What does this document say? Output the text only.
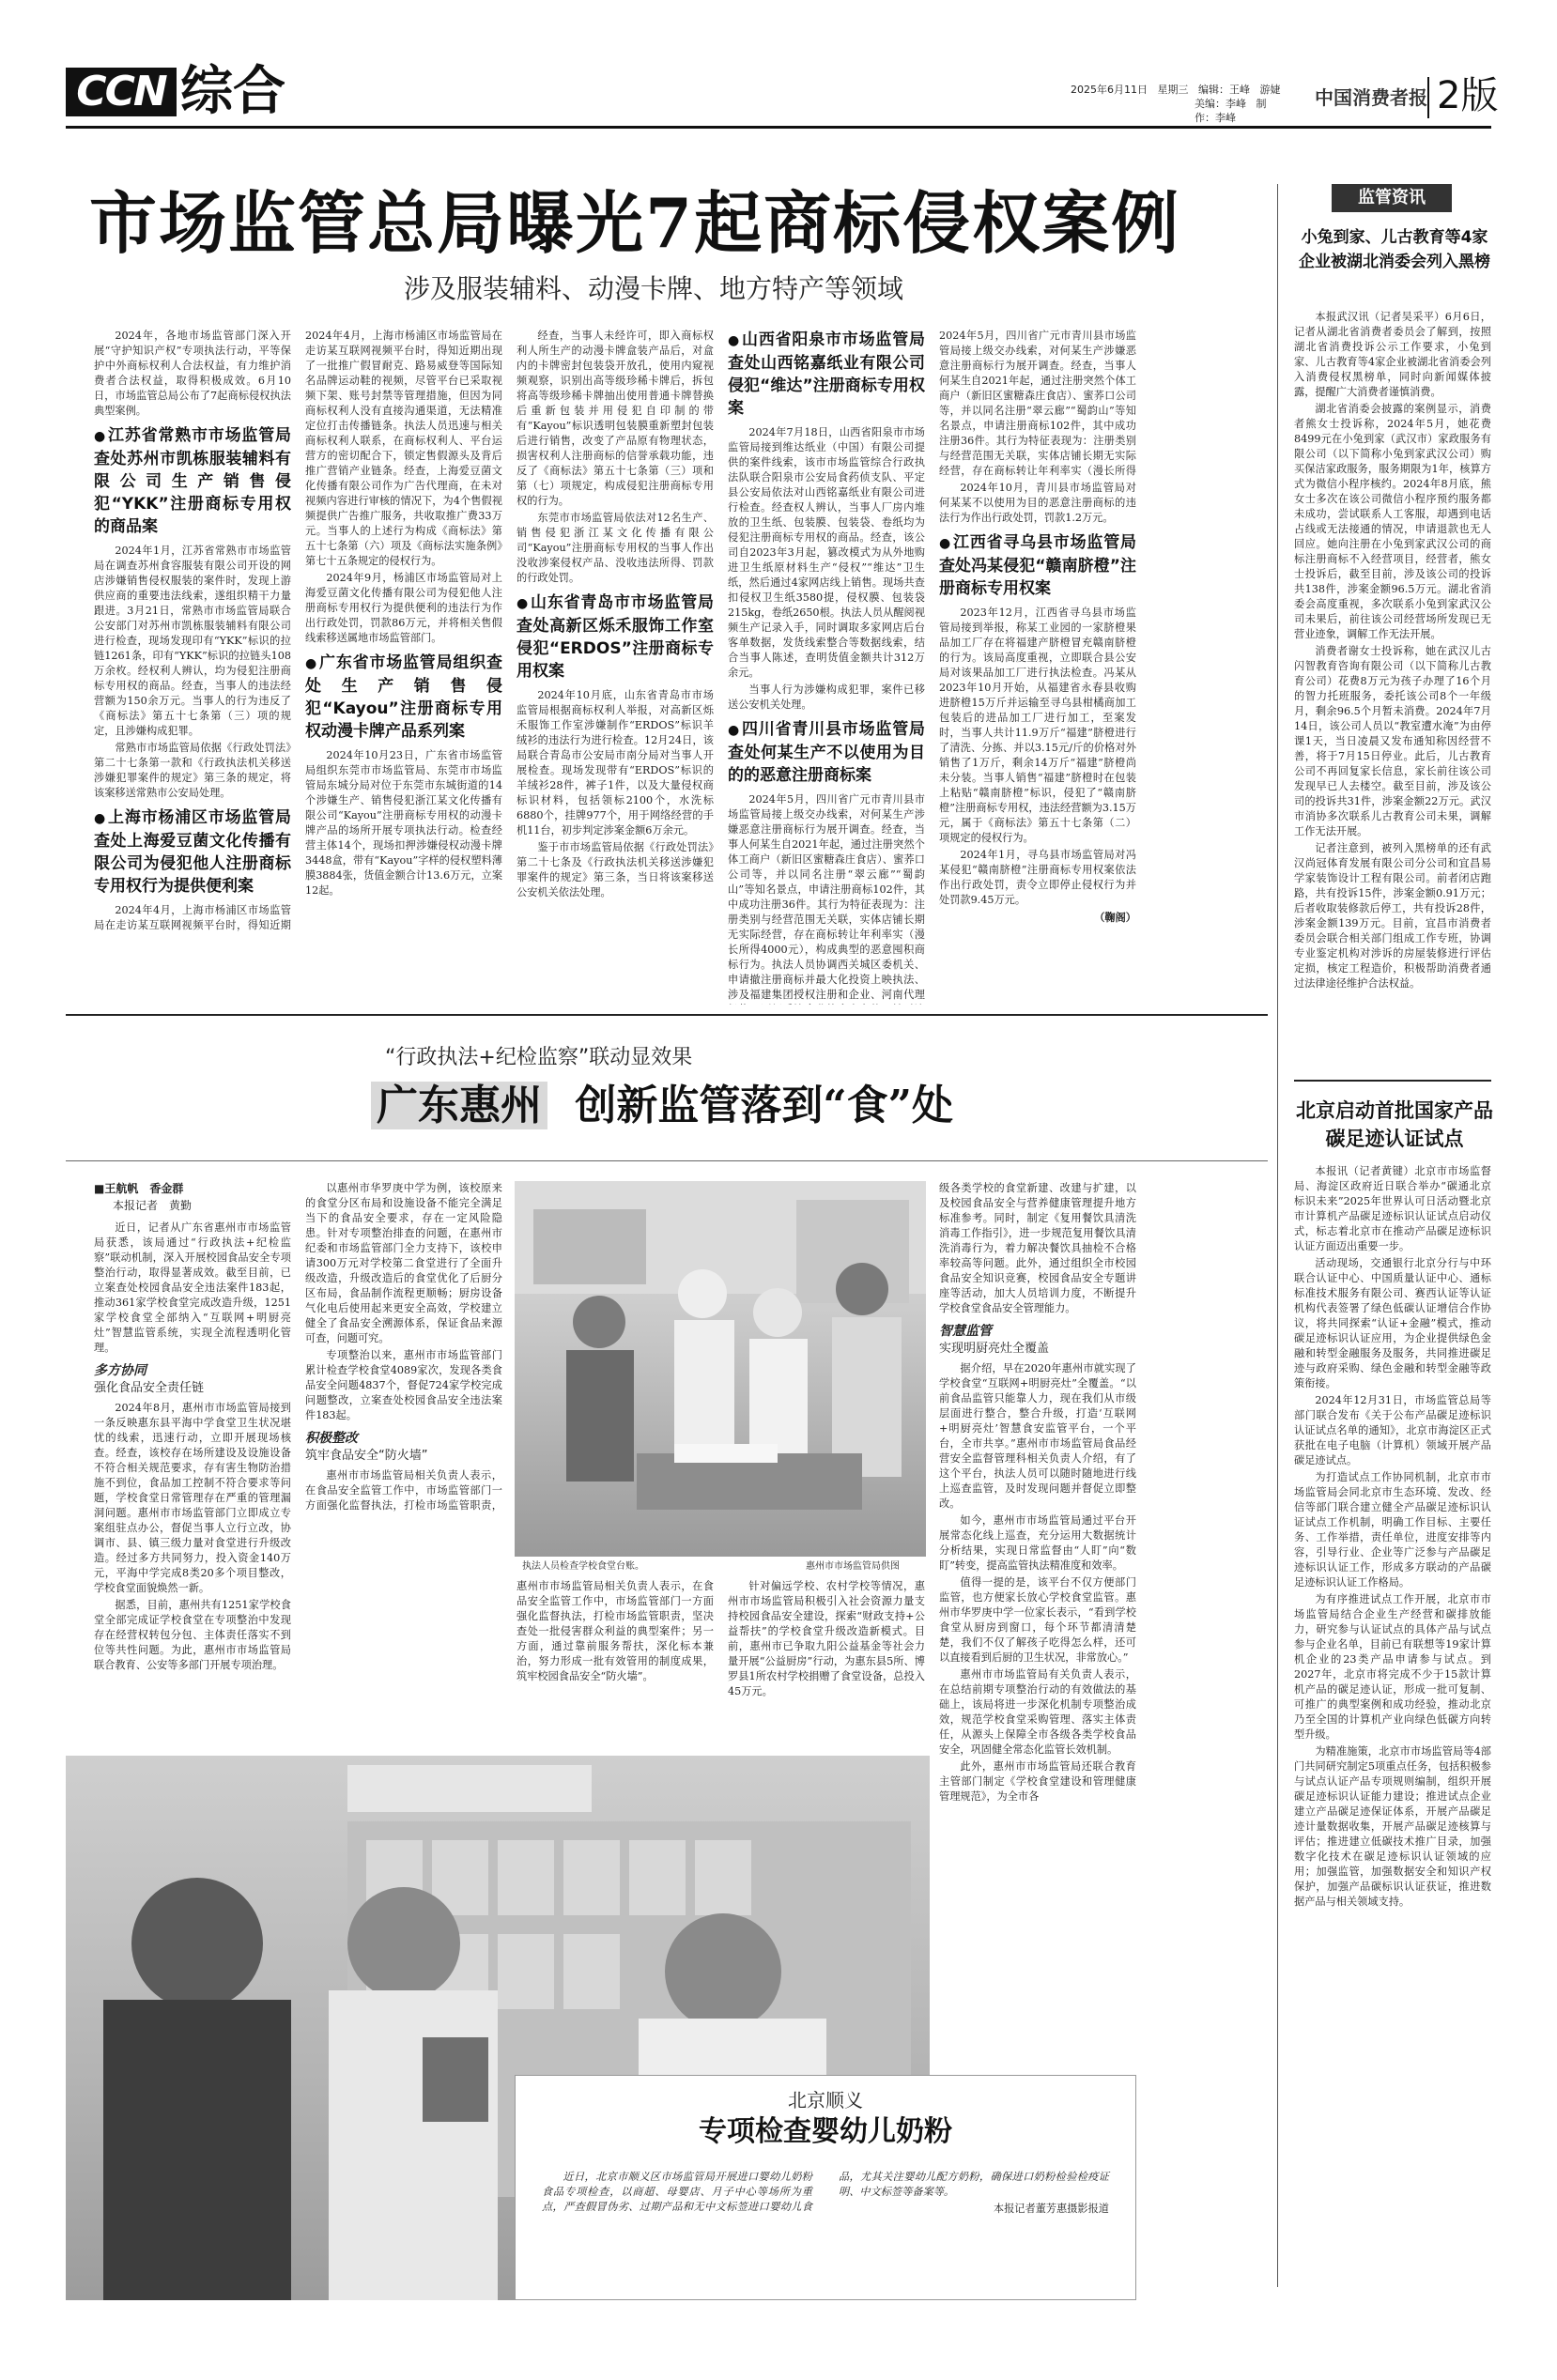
CCN 综合	2025年6月11日 星期三 编辑：王峰 游婕
美编：李峰 制作：李峰
中国消费者报 2版
市场监管总局曝光7起商标侵权案例
涉及服装辅料、动漫卡牌、地方特产等领域

2024年，各地市场监管部门深入开展“守护知识产权”专项执法行动，平等保护中外商标权利人合法权益，有力维护消费者合法权益，取得积极成效。6月10日，市场监管总局公布了7起商标侵权执法典型案例。

● 江苏省常熟市市场监管局查处苏州市凯栋服装辅料有限公司生产销售侵犯“YKK”注册商标专用权的商品案

2024年1月，江苏省常熟市市场监管局在调查苏州食容服装有限公司开设的网店涉嫌销售侵权服装的案件时，发现上游供应商的重要违法线索，遂组织精干力量跟进。3月21日，常熟市市场监管局联合公安部门对苏州市凯栋服装辅料有限公司进行检查，现场发现印有“YKK”标识的拉链1261条，印有“YKK”标识的拉链头108万余枚。经权利人辨认，均为侵犯注册商标专用权的商品。经查，当事人的违法经营额为150余万元。当事人的行为违反了《商标法》第五十七条第（三）项的规定，且涉嫌构成犯罪。

常熟市市场监管局依据《行政处罚法》第二十七条第一款和《行政执法机关移送涉嫌犯罪案件的规定》第三条的规定，将该案移送常熟市公安局处理。

● 上海市杨浦区市场监管局查处上海爱豆菌文化传播有限公司为侵犯他人注册商标专用权行为提供便利案

2024年4月，上海市杨浦区市场监管局在走访某互联网视频平台时，得知近期

2024年4月，上海市杨浦区市场监管局在走访某互联网视频平台时，得知近期出现了一批推广假冒耐克、路易威登等国际知名品牌运动鞋的视频，尽管平台已采取视频下架、账号封禁等管理措施，但因为同商标权利人没有直接沟通渠道，无法精准定位打击传播链条。执法人员迅速与相关商标权利人联系，在商标权利人、平台运营方的密切配合下，锁定售假源头及背后推广营销产业链条。经查，上海爱豆菌文化传播有限公司作为广告代理商，在未对视频内容进行审核的情况下，为4个售假视频提供广告推广服务，共收取推广费33万元。当事人的上述行为构成《商标法》第五十七条第（六）项及《商标法实施条例》第七十五条规定的侵权行为。

2024年9月，杨浦区市场监管局对上海爱豆菌文化传播有限公司为侵犯他人注册商标专用权行为提供便利的违法行为作出行政处罚，罚款86万元，并将相关售假线索移送属地市场监管部门。

● 广东省市场监管局组织查处生产销售侵犯“Kayou”注册商标专用权动漫卡牌产品系列案

2024年10月23日，广东省市场监管局组织东莞市市场监管局、东莞市市场监管局东城分局对位于东莞市东城街道的14个涉嫌生产、销售侵犯浙江某文化传播有限公司“Kayou”注册商标专用权的动漫卡牌产品的场所开展专项执法行动。检查经营主体14个，现场扣押涉嫌侵权动漫卡牌3448盒，带有“Kayou”字样的侵权塑料薄膜3884张，货值金额合计13.6万元，立案12起。

经查，当事人未经许可，即入商标权利人所生产的动漫卡牌盒装产品后，对盒内的卡牌密封包装袋开放孔，使用内窥视频观察，识别出高等级珍稀卡牌后，拆包将高等级珍稀卡牌抽出使用普通卡牌替换后重新包装并用侵犯自印制的带有“Kayou”标识透明包装膜重新塑封包装后进行销售，改变了产品原有物理状态，损害权利人注册商标的信誉承载功能，违反了《商标法》第五十七条第（三）项和第（七）项规定，构成侵犯注册商标专用权的行为。

东莞市市场监管局依法对12名生产、销售侵犯浙江某文化传播有限公司“Kayou”注册商标专用权的当事人作出没收涉案侵权产品、没收违法所得、罚款的行政处罚。

● 山东省青岛市市场监管局查处高新区烁禾服饰工作室侵犯“ERDOS”注册商标专用权案

2024年10月底，山东省青岛市市场监管局根据商标权利人举报，对高新区烁禾服饰工作室涉嫌制作“ERDOS”标识羊绒衫的违法行为进行检查。12月24日，该局联合青岛市公安局市南分局对当事人开展检查。现场发现带有“ERDOS”标识的羊绒衫28件，裤子1件，以及大量侵权商标识材料，包括领标2100个，水洗标6880个，挂牌977个，用于网络经营的手机11台，初步判定涉案金额6万余元。

鉴于市市场监管局依据《行政处罚法》第二十七条及《行政执法机关移送涉嫌犯罪案件的规定》第三条，当日将该案移送公安机关依法处理。

● 山西省阳泉市市场监管局查处山西铭嘉纸业有限公司侵犯“维达”注册商标专用权案

2024年7月18日，山西省阳泉市市场监管局接到维达纸业（中国）有限公司提供的案件线索，该市市场监管综合行政执法队联合阳泉市公安局食药侦支队、平定县公安局依法对山西铭嘉纸业有限公司进行检查。经查权人辨认，当事人厂房内堆放的卫生纸、包装膜、包装袋、卷纸均为侵犯注册商标专用权的商品。经查，该公司自2023年3月起，篡改模式为从外地购进卫生纸原材料生产“侵权”“维达”卫生纸，然后通过4家网店线上销售。现场共查扣侵权卫生纸3580提，侵权膜、包装袋215kg，卷纸2650根。执法人员从醒阅视频生产记录入手，同时调取多家网店后台客单数据，发货线索整合等数据线索，结合当事人陈述，查明货值金额共计312万余元。

当事人行为涉嫌构成犯罪，案件已移送公安机关处理。

● 四川省青川县市场监管局查处何某生产不以使用为目的的恶意注册商标案

2024年5月，四川省广元市青川县市场监管局接上级交办线索，对何某生产涉嫌恶意注册商标行为展开调查。经查，当事人何某生自2021年起，通过注册突然个体工商户（新旧区蜜糖森庄食店）、蜜荞口公司等，并以同名注册“翠云廊”“蜀韵山”等知名景点，申请注册商标102件，其中成功注册36件。其行为特征表现为：注册类别与经营范围无关联，实体店铺长期无实际经营，存在商标转让年利率实（漫长所得4000元），构成典型的恶意囤积商标行为。执法人员协调西关城区委机关、申请撤注册商标并最大化投资上映执法、涉及福建集团授权注册和企业、河南代理

2024年5月，四川省广元市青川县市场监管局接上级交办线索，对何某生产涉嫌恶意注册商标行为展开调查。经查，当事人何某生自2021年起，通过注册突然个体工商户（新旧区蜜糖森庄食店）、蜜荞口公司等，并以同名注册“翠云廊”“蜀韵山”等知名景点，申请注册商标102件，其中成功注册36件。其行为特征表现为：注册类别与经营范围无关联，实体店铺长期无实际经营，存在商标转让年利率实（漫长所得

2024年10月，青川县市场监管局对何某某不以使用为目的恶意注册商标的违法行为作出行政处罚，罚款1.2万元。

● 江西省寻乌县市场监管局查处冯某侵犯“赣南脐橙”注册商标专用权案

2023年12月，江西省寻乌县市场监管局接到举报，称某工业园的一家脐橙果品加工厂存在将福建产脐橙冒充赣南脐橙的行为。该局高度重视，立即联合县公安局对该果品加工厂进行执法检查。冯某从2023年10月开始，从福建省永春县收购进脐橙15万斤并运输至寻乌县柑橘商加工包装后的进品加工厂进行加工，至案发时，当事人共计11.9万斤“福建”脐橙进行了清洗、分拣、并以3.15元/斤的价格对外销售了1万斤，剩余14万斤“福建”脐橙尚未分装。当事人销售“福建”脐橙时在包装上粘贴“赣南脐橙”标识，侵犯了“赣南脐橙”注册商标专用权，违法经营额为3.15万元，属于《商标法》第五十七条第（二）项规定的侵权行为。

2024年1月，寻乌县市场监管局对冯某侵犯“赣南脐橙”注册商标专用权案依法作出行政处罚，责令立即停止侵权行为并处罚款9.45万元。

（鞠阁）

监管资讯
小兔到家、儿古教育等4家企业被湖北消委会列入黑榜

本报武汉讯（记者吴采平）6月6日，记者从湖北省消费者委员会了解到，按照湖北省消费投诉公示工作要求，小兔到家、儿古教育等4家企业被湖北省消委会列入消费侵权黑榜单，同时向新闻媒体披露，提醒广大消费者谨慎消费。

湖北省消委会披露的案例显示，消费者熊女士投诉称，2024年5月，她花费8499元在小兔到家（武汉市）家政服务有限公司（以下简称小兔到家武汉公司）购买保洁家政服务，服务期限为1年，核算方式为微信小程序核约。2024年8月底，熊女士多次在该公司微信小程序预约服务都未成功，尝试联系人工客服，却遇到电话占线或无法接通的情况，申请退款也无人回应。她向注册在小兔到家武汉公司的商标注册商标不入经营项目，经营者，熊女士投诉后，截至目前，涉及该公司的投诉共138件，涉案金额96.5万元。湖北省消委会高度重视，多次联系小兔到家武汉公司未果后，前往该公司经营场所发现已无营业迹象，调解工作无法开展。

消费者谢女士投诉称，她在武汉儿古闪智教育咨询有限公司（以下简称儿古教育公司）花费8万元为孩子办理了16个月的智力托班服务，委托该公司8个一年级月，剩余96.5个月暂未消费。2024年7月14日，该公司人员以“教室遭水淹”为由停课1天，当日凌晨又发布通知称因经营不善，将于7月15日停业。此后，儿古教育公司不再回复家长信息，家长前往该公司发现早已人去楼空。截至目前，涉及该公司的投诉共31件，涉案金额22万元。武汉市消协多次联系儿古教育公司未果，调解工作无法开展。

记者注意到，被列入黑榜单的还有武汉尚冠体育发展有限公司分公司和宜昌易学家装饰设计工程有限公司。前者闭店跑路，共有投诉15件，涉案金额0.91万元；后者收取装修款后停工，共有投诉28件，涉案金额139万元。目前，宜昌市消费者委员会联合相关部门组成工作专班，协调专业鉴定机构对涉诉的房屋装修进行评估定损，核定工程造价，积极帮助消费者通过法律途径维护合法权益。

北京启动首批国家产品碳足迹认证试点

本报讯（记者黄键）北京市市场监督局、海淀区政府近日联合举办“碳通北京 标识未来”2025年世界认可日活动暨北京市计算机产品碳足迹标识认证试点启动仪式，标志着北京市在推动产品碳足迹标识认证方面迈出重要一步。

活动现场，交通银行北京分行与中环联合认证中心、中国质量认证中心、通标标准技术服务有限公司、赛西认证等认证机构代表签署了绿色低碳认证增信合作协议，将共同探索“认证+金融”模式，推动碳足迹标识认证应用，为企业提供绿色金融和转型金融服务及服务，共同推进碳足迹与政府采购、绿色金融和转型金融等政策衔接。

2024年12月31日，市场监管总局等部门联合发布《关于公布产品碳足迹标识认证试点名单的通知》，北京市海淀区正式获批在电子电脑（计算机）领域开展产品碳足迹试点。

为打造试点工作协同机制，北京市市场监管局会同北京市生态环境、发改、经信等部门联合建立健全产品碳足迹标识认证试点工作机制，明确工作目标、主要任务、工作举措，责任单位，进度安排等内容，引导行业、企业等广泛参与产品碳足迹标识认证工作，形成多方联动的产品碳足迹标识认证工作格局。

为有序推进试点工作开展，北京市市场监管局结合企业生产经营和碳排放能力，研究参与认证试点的具体产品与试点参与企业名单，目前已有联想等19家计算机企业的23类产品申请参与试点。到2027年，北京市将完成不少于15款计算机产品的碳足迹认证，形成一批可复制、可推广的典型案例和成功经验，推动北京乃至全国的计算机产业向绿色低碳方向转型升级。

为精准施策，北京市市场监管局等4部门共同研究制定5项重点任务，包括积极参与试点认证产品专项规则编制，组织开展碳足迹标识认证能力建设；推进试点企业建立产品碳足迹保证体系，开展产品碳足迹计量数据收集，开展产品碳足迹核算与评估；推进建立低碳技术推广目录，加强数字化技术在碳足迹标识认证领域的应用；加强监管，加强数据安全和知识产权保护，加强产品碳标识认证获证，推进数据产品与相关领域支持。

“行政执法+纪检监察”联动显效果
广东惠州 创新监管落到“食”处

■王航帆　香金群

本报记者　黄勤

近日，记者从广东省惠州市市场监管局获悉，该局通过“行政执法+纪检监察”联动机制，深入开展校园食品安全专项整治行动，取得显著成效。截至目前，已立案查处校园食品安全违法案件183起，推动361家学校食堂完成改造升级，1251家学校食堂全部纳入“互联网+明厨亮灶”智慧监管系统，实现全流程透明化管理。

多方协同
强化食品安全责任链

2024年8月，惠州市市场监管局接到一条反映惠东县平海中学食堂卫生状况堪忧的线索，迅速行动，立即开展现场核查。经查，该校存在场所建设及设施设备不符合相关规范要求，存有害生物防治措施不到位，食品加工控制不符合要求等问题，学校食堂日常管理存在严重的管理漏洞问题。惠州市市场监管部门立即成立专案组驻点办公，督促当事人立行立改，协调市、县、镇三级力量对食堂进行升级改造。经过多方共同努力，投入资金140万元，平海中学完成8类20多个项目整改，学校食堂面貌焕然一新。

据悉，目前，惠州共有1251家学校食堂全部完成证学校食堂在专项整治中发现存在经营权转包分包、主体责任落实不到位等共性问题。为此，惠州市市场监管局联合教育、公安等多部门开展专项治理。

以惠州市华罗庚中学为例，该校原来的食堂分区布局和设施设备不能完全满足当下的食品安全要求，存在一定风险隐患。针对专项整治排查的问题，在惠州市纪委和市场监管部门全力支持下，该校申请300万元对学校第二食堂进行了全面升级改造，升级改造后的食堂优化了后厨分区布局，食品制作流程更顺畅；厨房设备气化电后使用起来更安全高效，学校建立健全了食品安全溯源体系，保证食品来源可查，问题可究。

专项整治以来，惠州市市场监管部门累计检查学校食堂4089家次，发现各类食品安全问题4837个，督促724家学校完成问题整改，立案查处校园食品安全违法案件183起。

积极整改
筑牢食品安全“防火墙”

惠州市市场监管局相关负责人表示，在食品安全监管工作中，市场监管部门一方面强化监督执法，打检市场监管职责，

执法人员检查学校食堂台账。	惠州市市场监管局供图

惠州市市场监管局相关负责人表示，在食品安全监管工作中，市场监管部门一方面强化监督执法，打检市场监管职责，坚决查处一批侵害群众利益的典型案件；另一方面，通过靠前服务帮扶，深化标本兼治，努力形成一批有效管用的制度成果，筑牢校园食品安全“防火墙”。

针对偏远学校、农村学校等情况，惠州市市场监管局积极引入社会资源力量支持校园食品安全建设，探索“财政支持+公益帮扶”的学校食堂升级改造新模式。目前，惠州市已争取九阳公益基金等社会力量开展“公益厨房”行动，为惠东县5所、博罗县1所农村学校捐赠了食堂设备，总投入45万元。

级各类学校的食堂新建、改建与扩建，以及校园食品安全与营养健康管理提升地方标准参考。同时，制定《复用餐饮具清洗消毒工作指引》，进一步规范复用餐饮具清洗消毒行为，着力解决餐饮具抽检不合格率较高等问题。此外，通过组织全市校园食品安全知识竞赛，校园食品安全专题讲座等活动，加大人员培训力度，不断提升学校食堂食品安全管理能力。

智慧监管
实现明厨亮灶全覆盖

据介绍，早在2020年惠州市就实现了学校食堂“互联网+明厨亮灶”全覆盖。“以前食品监管只能靠人力，现在我们从市级层面进行整合，整合升级，打造‘互联网+明厨亮灶’智慧食安监管平台，一个平台，全市共享。”惠州市市场监管局食品经营安全监督管理科相关负责人介绍，有了这个平台，执法人员可以随时随地进行线上巡查监管，及时发现问题并督促立即整改。

如今，惠州市市场监管局通过平台开展常态化线上巡查，充分运用大数据统计分析结果，实现日常监督由“人盯”向“数盯”转变，提高监管执法精准度和效率。

值得一提的是，该平台不仅方便部门监管，也方便家长放心学校食堂监管。惠州市华罗庚中学一位家长表示，“看到学校食堂从厨房到窗口，每个环节都清清楚楚，我们不仅了解孩子吃得怎么样，还可以直接看到后厨的卫生状况，非常放心。”

惠州市市场监管局有关负责人表示，在总结前期专项整治行动的有效做法的基础上，该局将进一步深化机制专项整治成效，规范学校食堂采购管理、落实主体责任，从源头上保障全市各级各类学校食品安全，巩固健全常态化监管长效机制。

此外，惠州市市场监管局还联合教育主管部门制定《学校食堂建设和管理健康管理规范》，为全市各

北京顺义
专项检查婴幼儿奶粉

近日，北京市顺义区市场监管局开展进口婴幼儿奶粉食品专项检查，以商超、母婴店、月子中心等场所为重点，严查假冒伪劣、过期产品和无中文标签进口婴幼儿食品，尤其关注婴幼儿配方奶粉，确保进口奶粉检验检疫证明、中文标签等备案等。

本报记者董芳惠摄影报道
